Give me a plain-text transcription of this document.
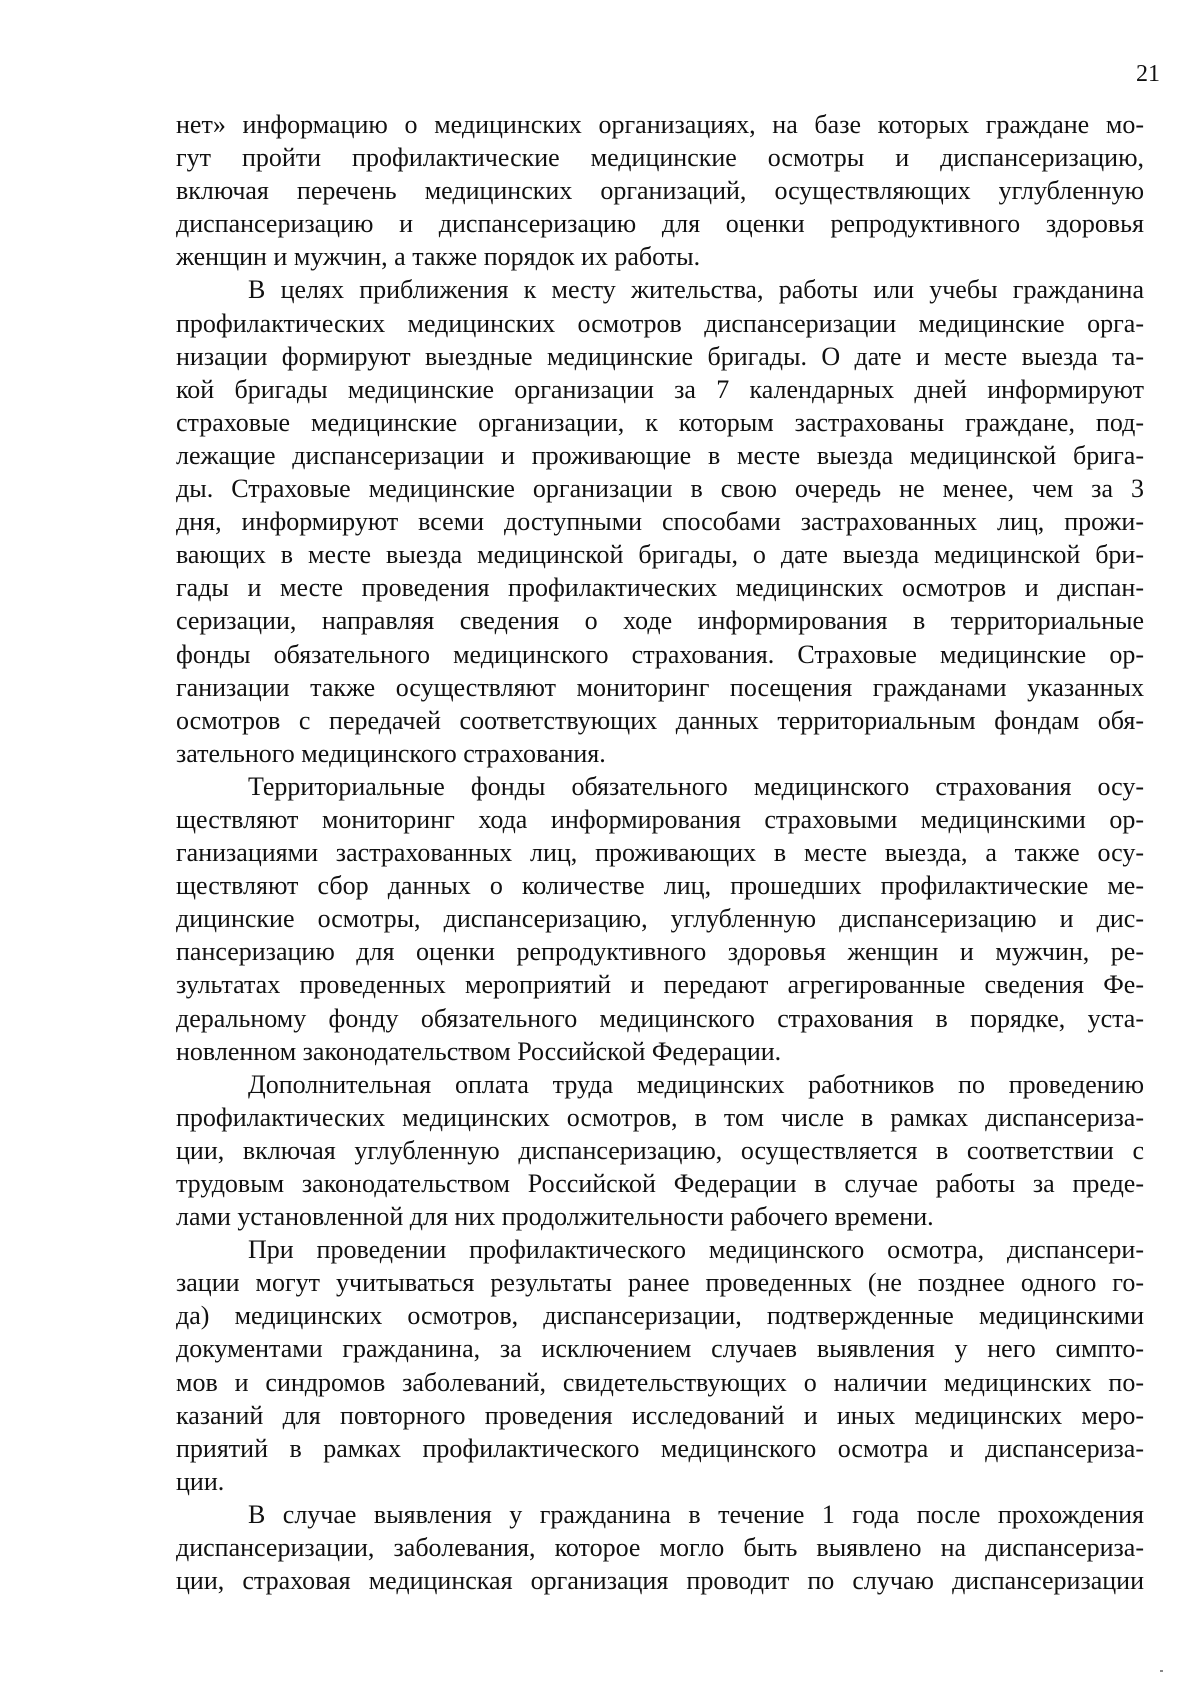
21
нет» информацию о медицинских организациях, на базе которых граждане мо-
гут пройти профилактические медицинские осмотры и диспансеризацию,
включая перечень медицинских организаций, осуществляющих углубленную
диспансеризацию и диспансеризацию для оценки репродуктивного здоровья
женщин и мужчин, а также порядок их работы.
В целях приближения к месту жительства, работы или учебы гражданина
профилактических медицинских осмотров диспансеризации медицинские орга-
низации формируют выездные медицинские бригады. О дате и месте выезда та-
кой бригады медицинские организации за 7 календарных дней информируют
страховые медицинские организации, к которым застрахованы граждане, под-
лежащие диспансеризации и проживающие в месте выезда медицинской брига-
ды. Страховые медицинские организации в свою очередь не менее, чем за 3
дня, информируют всеми доступными способами застрахованных лиц, прожи-
вающих в месте выезда медицинской бригады, о дате выезда медицинской бри-
гады и месте проведения профилактических медицинских осмотров и диспан-
серизации, направляя сведения о ходе информирования в территориальные
фонды обязательного медицинского страхования. Страховые медицинские ор-
ганизации также осуществляют мониторинг посещения гражданами указанных
осмотров с передачей соответствующих данных территориальным фондам обя-
зательного медицинского страхования.
Территориальные фонды обязательного медицинского страхования осу-
ществляют мониторинг хода информирования страховыми медицинскими ор-
ганизациями застрахованных лиц, проживающих в месте выезда, а также осу-
ществляют сбор данных о количестве лиц, прошедших профилактические ме-
дицинские осмотры, диспансеризацию, углубленную диспансеризацию и дис-
пансеризацию для оценки репродуктивного здоровья женщин и мужчин, ре-
зультатах проведенных мероприятий и передают агрегированные сведения Фе-
деральному фонду обязательного медицинского страхования в порядке, уста-
новленном законодательством Российской Федерации.
Дополнительная оплата труда медицинских работников по проведению
профилактических медицинских осмотров, в том числе в рамках диспансериза-
ции, включая углубленную диспансеризацию, осуществляется в соответствии с
трудовым законодательством Российской Федерации в случае работы за преде-
лами установленной для них продолжительности рабочего времени.
При проведении профилактического медицинского осмотра, диспансери-
зации могут учитываться результаты ранее проведенных (не позднее одного го-
да) медицинских осмотров, диспансеризации, подтвержденные медицинскими
документами гражданина, за исключением случаев выявления у него симпто-
мов и синдромов заболеваний, свидетельствующих о наличии медицинских по-
казаний для повторного проведения исследований и иных медицинских меро-
приятий в рамках профилактического медицинского осмотра и диспансериза-
ции.
В случае выявления у гражданина в течение 1 года после прохождения
диспансеризации, заболевания, которое могло быть выявлено на диспансериза-
ции, страховая медицинская организация проводит по случаю диспансеризации
